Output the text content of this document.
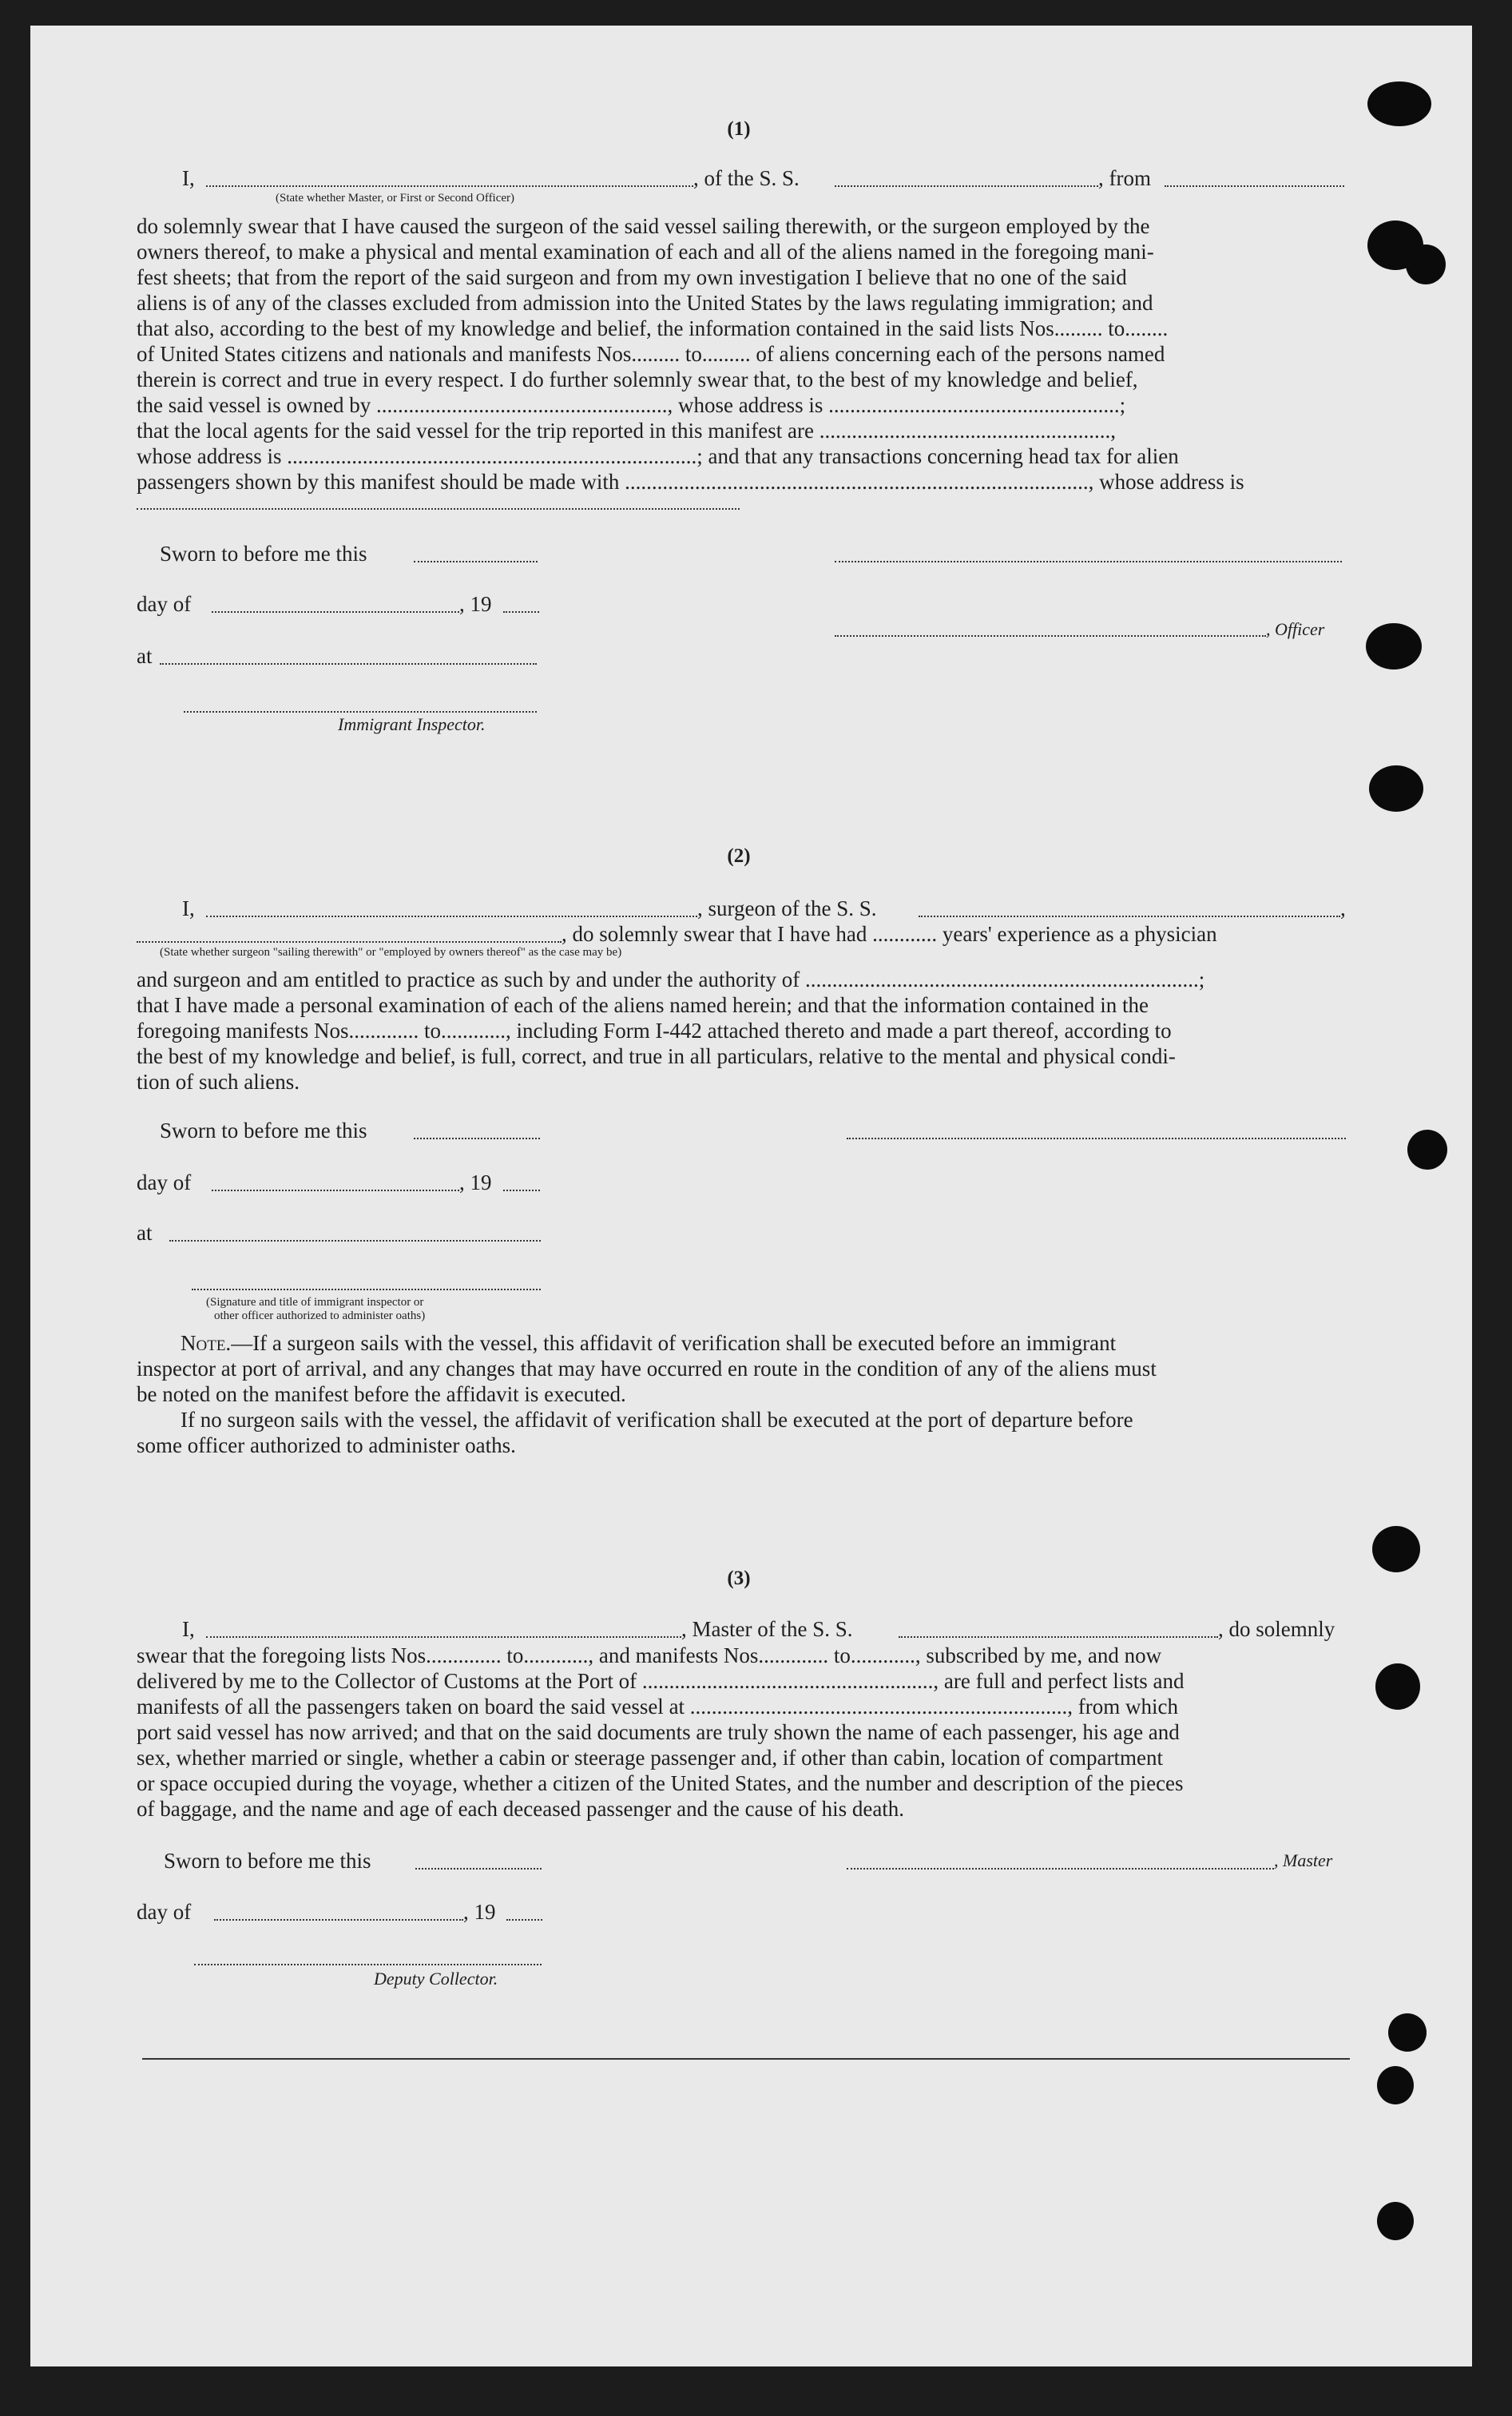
(1)
I,	, of the S. S.	, from
(State whether Master, or First or Second Officer)

do solemnly swear that I have caused the surgeon of the said vessel sailing therewith, or the surgeon employed by the

owners thereof, to make a physical and mental examination of each and all of the aliens named in the foregoing mani-

fest sheets; that from the report of the said surgeon and from my own investigation I believe that no one of the said

aliens is of any of the classes excluded from admission into the United States by the laws regulating immigration; and

that also, according to the best of my knowledge and belief, the information contained in the said lists Nos......... to........

of United States citizens and nationals and manifests Nos......... to......... of aliens concerning each of the persons named

therein is correct and true in every respect. I do further solemnly swear that, to the best of my knowledge and belief,

the said vessel is owned by ......................................................, whose address is ......................................................;

that the local agents for the said vessel for the trip reported in this manifest are ......................................................,

whose address is ............................................................................; and that any transactions concerning head tax for alien

passengers shown by this manifest should be made with ......................................................................................, whose address is

Sworn to before me this
day of	, 19
, Officer
at
Immigrant Inspector.
(2)
I,	, surgeon of the S. S.	,
, do solemnly swear that I have had ............ years' experience as a physician
(State whether surgeon "sailing therewith" or "employed by owners thereof" as the case may be)

and surgeon and am entitled to practice as such by and under the authority of .........................................................................;

that I have made a personal examination of each of the aliens named herein; and that the information contained in the

foregoing manifests Nos............. to............, including Form I-442 attached thereto and made a part thereof, according to

the best of my knowledge and belief, is full, correct, and true in all particulars, relative to the mental and physical condi-

tion of such aliens.

Sworn to before me this
day of	, 19
at
(Signature and title of immigrant inspector or
other officer authorized to administer oaths)

Note.—If a surgeon sails with the vessel, this affidavit of verification shall be executed before an immigrant

inspector at port of arrival, and any changes that may have occurred en route in the condition of any of the aliens must

be noted on the manifest before the affidavit is executed.

If no surgeon sails with the vessel, the affidavit of verification shall be executed at the port of departure before

some officer authorized to administer oaths.

(3)
I,	, Master of the S. S.	, do solemnly

swear that the foregoing lists Nos.............. to............, and manifests Nos............. to............, subscribed by me, and now

delivered by me to the Collector of Customs at the Port of ......................................................, are full and perfect lists and

manifests of all the passengers taken on board the said vessel at ......................................................................, from which

port said vessel has now arrived; and that on the said documents are truly shown the name of each passenger, his age and

sex, whether married or single, whether a cabin or steerage passenger and, if other than cabin, location of compartment

or space occupied during the voyage, whether a citizen of the United States, and the number and description of the pieces

of baggage, and the name and age of each deceased passenger and the cause of his death.

Sworn to before me this	, Master
day of	, 19
Deputy Collector.
